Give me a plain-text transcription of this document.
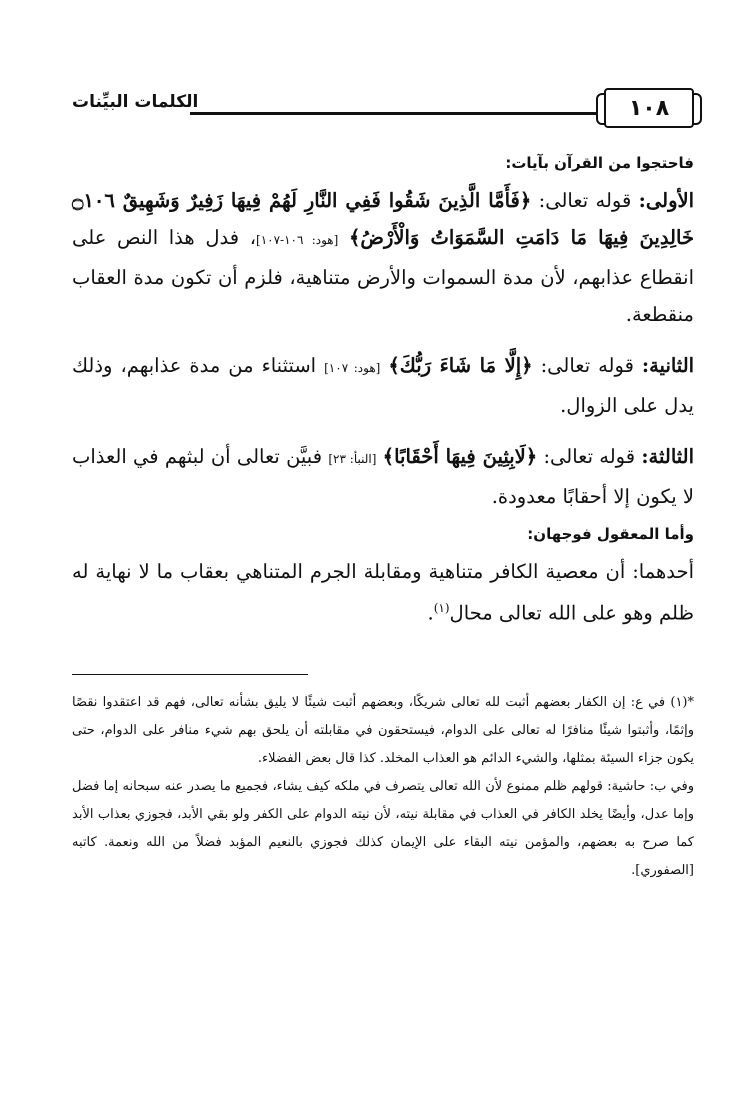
١٠٨
الكلمات البيِّنات

فاحتجوا من القرآن بآيات:

الأولى: قوله تعالى: ﴿فَأَمَّا الَّذِينَ شَقُوا فَفِي النَّارِ لَهُمْ فِيهَا زَفِيرٌ وَشَهِيقٌ ۝١٠٦ خَالِدِينَ فِيهَا مَا دَامَتِ السَّمَوَاتُ وَالْأَرْضُ﴾ [هود: ١٠٦-١٠٧]، فدل هذا النص على انقطاع عذابهم، لأن مدة السموات والأرض متناهية، فلزم أن تكون مدة العقاب منقطعة.

الثانية: قوله تعالى: ﴿إِلَّا مَا شَاءَ رَبُّكَ﴾ [هود: ١٠٧] استثناء من مدة عذابهم، وذلك يدل على الزوال.

الثالثة: قوله تعالى: ﴿لَابِثِينَ فِيهَا أَحْقَابًا﴾ [النبأ: ٢٣] فبيَّن تعالى أن لبثهم في العذاب لا يكون إلا أحقابًا معدودة.

وأما المعقول فوجهان:

أحدهما: أن معصية الكافر متناهية ومقابلة الجرم المتناهي بعقاب ما لا نهاية له ظلم وهو على الله تعالى محال$^{(١)}$.

*(١) في ع: إن الكفار بعضهم أثبت لله تعالى شريكًا، وبعضهم أثبت شيئًا لا يليق بشأنه تعالى، فهم قد اعتقدوا نقصًا وإثمًا، وأثبتوا شيئًا منافرًا له تعالى على الدوام، فيستحقون في مقابلته أن يلحق بهم شيء منافر على الدوام، حتى يكون جزاء السيئة بمثلها، والشيء الدائم هو العذاب المخلد. كذا قال بعض الفضلاء.

وفي ب: حاشية: قولهم ظلم ممنوع لأن الله تعالى يتصرف في ملكه كيف يشاء، فجميع ما يصدر عنه سبحانه إما فضل وإما عدل، وأيضًا يخلد الكافر في العذاب في مقابلة نيته، لأن نيته الدوام على الكفر ولو بقي الأبد، فجوزي بعذاب الأبد كما صرح به بعضهم، والمؤمن نيته البقاء على الإيمان كذلك فجوزي بالنعيم المؤبد فضلاً من الله ونعمة. كاتبه [الصفوري].
